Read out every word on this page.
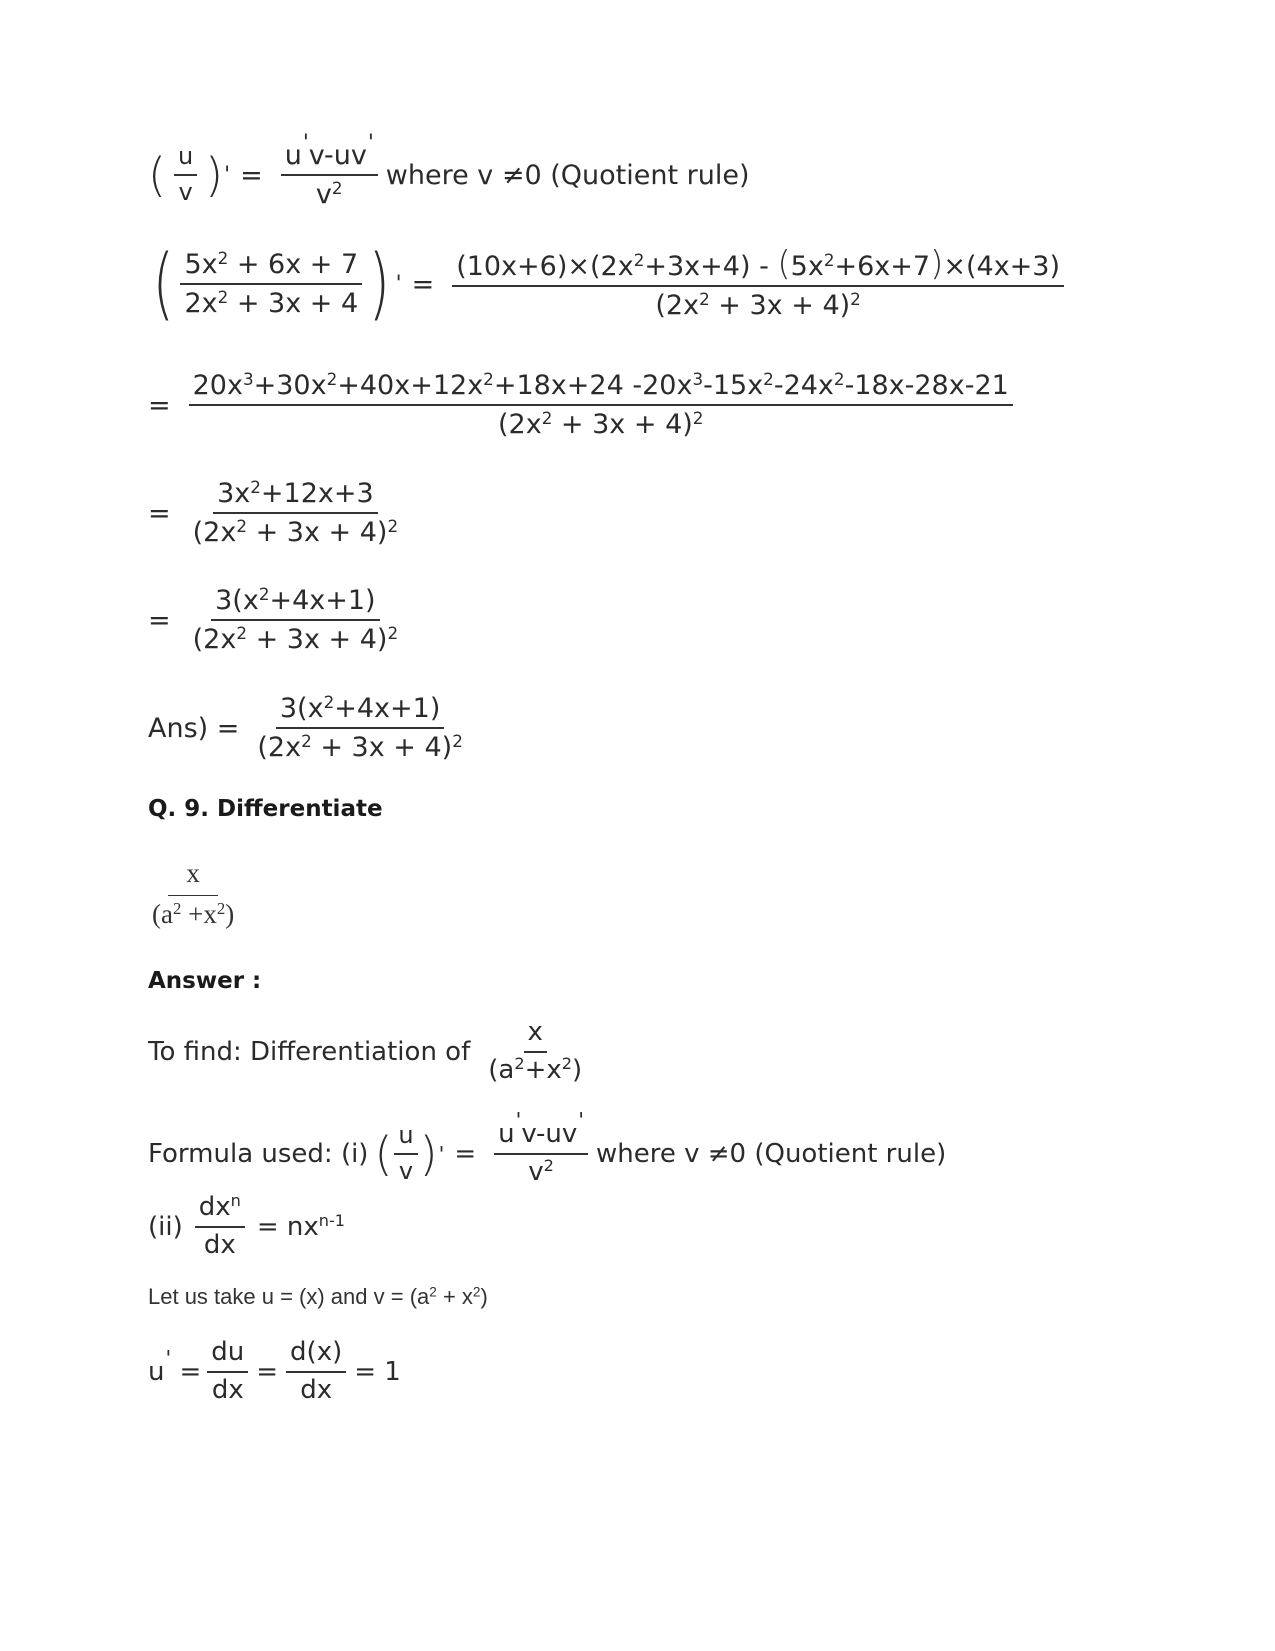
( $\frac{u}{v}$ ) ' = $\frac{u'v-uv'}{v^2}$ where v ≠0 (Quotient rule)
( $\frac{5x^2 + 6x + 7}{2x^2 + 3x + 4}$ ) ' = $\frac{(10x+6)\times(2x^2+3x+4) - (5x^2+6x+7)\times(4x+3)}{(2x^2 + 3x + 4)^2}$
= $\frac{20x^3+30x^2+40x+12x^2+18x+24 -20x^3-15x^2-24x^2-18x-28x-21}{(2x^2 + 3x + 4)^2}$
= $\frac{3x^2+12x+3}{(2x^2 + 3x + 4)^2}$
= $\frac{3(x^2+4x+1)}{(2x^2 + 3x + 4)^2}$
$Ans) = \frac{3(x^2+4x+1)}{(2x^2 + 3x + 4)^2}$
Q. 9. Differentiate
$\frac{x}{(a^2 +x^2)}$
Answer :
To find: Differentiation of $\frac{x}{(a^2+x^2)}$
Formula used: (i) ( $\frac{u}{v}$ ) ' = $\frac{u'v-uv'}{v^2}$ where v ≠0 (Quotient rule)
$(ii) \frac{dx^n}{dx} = nx^{n-1}$
Let us take u = (x) and $v = (a^2 + x^2)$
$u' = \frac{du}{dx} = \frac{d(x)}{dx} = 1$
